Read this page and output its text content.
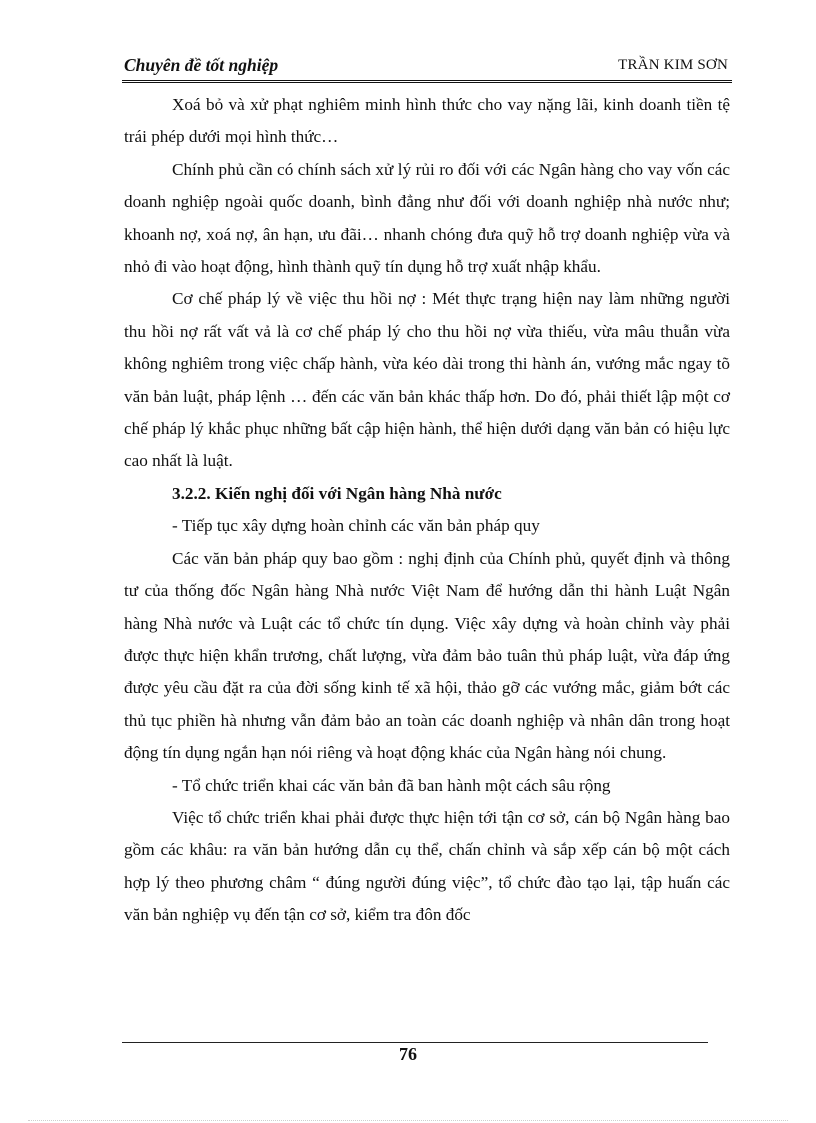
Chuyên đề tốt nghiệp	TRẦN KIM SƠN

Xoá bỏ và xử phạt nghiêm minh hình thức cho vay nặng lãi, kinh doanh tiền tệ trái phép dưới mọi hình thức…

Chính phủ cần có chính sách xử lý rủi ro đối với các Ngân hàng cho vay vốn các doanh nghiệp ngoài quốc doanh, bình đẳng như đối với doanh nghiệp nhà nước như; khoanh nợ, xoá nợ, ân hạn, ưu đãi… nhanh chóng đưa quỹ hỗ trợ doanh nghiệp vừa và nhỏ đi vào hoạt động, hình thành quỹ tín dụng hỗ trợ xuất nhập khẩu.

Cơ chế pháp lý về việc thu hồi nợ : Mét thực trạng hiện nay làm những người thu hồi nợ rất vất vả là cơ chế pháp lý cho thu hồi nợ vừa thiếu, vừa mâu thuẫn vừa không nghiêm trong việc chấp hành, vừa kéo dài trong thi hành án, vướng mắc ngay tõ văn bản luật, pháp lệnh … đến các văn bản khác thấp hơn. Do đó, phải thiết lập một cơ chế pháp lý khắc phục những bất cập hiện hành, thể hiện dưới dạng văn bản có hiệu lực cao nhất là luật.

3.2.2. Kiến nghị đối với Ngân hàng Nhà nước

- Tiếp tục xây dựng hoàn chỉnh các văn bản pháp quy

Các văn bản pháp quy bao gồm : nghị định của Chính phủ, quyết định và thông tư của thống đốc Ngân hàng Nhà nước Việt Nam để hướng dẫn thi hành Luật Ngân hàng Nhà nước và Luật các tổ chức tín dụng. Việc xây dựng và hoàn chỉnh vày phải được thực hiện khẩn trương, chất lượng, vừa đảm bảo tuân thủ pháp luật, vừa đáp ứng được yêu cầu đặt ra của đời sống kinh tế xã hội, thảo gỡ các vướng mắc, giảm bớt các thủ tục phiền hà nhưng vẫn đảm bảo an toàn các doanh nghiệp và nhân dân trong hoạt động tín dụng ngắn hạn nói riêng và hoạt động khác của Ngân hàng nói chung.

- Tổ chức triển khai các văn bản đã ban hành một cách sâu rộng

Việc tổ chức triển khai phải được thực hiện tới tận cơ sở, cán bộ Ngân hàng bao gồm các khâu: ra văn bản hướng dẫn cụ thể, chấn chỉnh và sắp xếp cán bộ một cách hợp lý theo phương châm “ đúng người đúng việc”, tổ chức đào tạo lại, tập huấn các văn bản nghiệp vụ đến tận cơ sở, kiểm tra đôn đốc

76
